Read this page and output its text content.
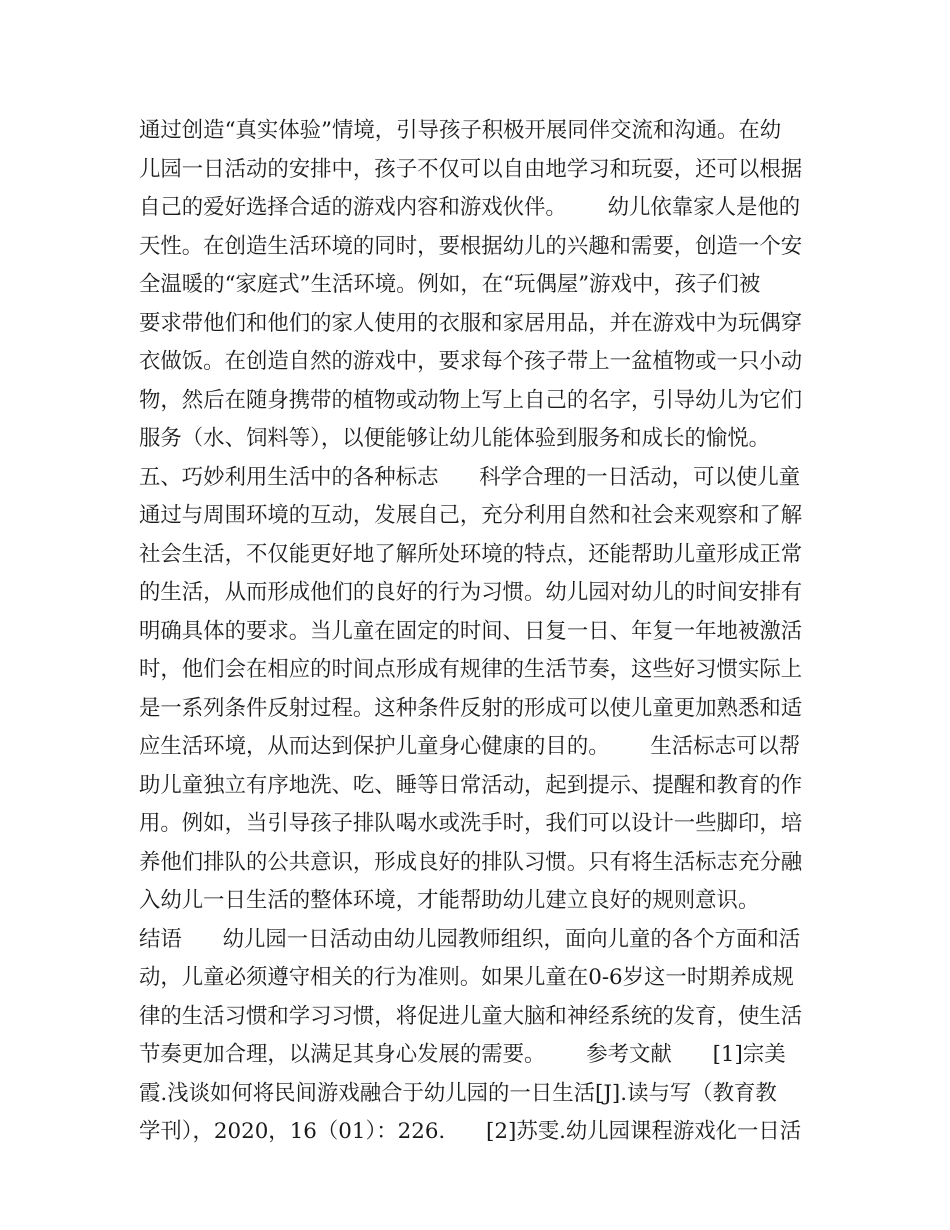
通过创造“真实体验”情境，引导孩子积极开展同伴交流和沟通。在幼
儿园一日活动的安排中，孩子不仅可以自由地学习和玩耍，还可以根据
自己的爱好选择合适的游戏内容和游戏伙伴。      幼儿依靠家人是他的
天性。在创造生活环境的同时，要根据幼儿的兴趣和需要，创造一个安
全温暖的“家庭式”生活环境。例如，在“玩偶屋”游戏中，孩子们被
要求带他们和他们的家人使用的衣服和家居用品，并在游戏中为玩偶穿
衣做饭。在创造自然的游戏中，要求每个孩子带上一盆植物或一只小动
物，然后在随身携带的植物或动物上写上自己的名字，引导幼儿为它们
服务（水、饲料等），以便能够让幼儿能体验到服务和成长的愉悦。
五、巧妙利用生活中的各种标志      科学合理的一日活动，可以使儿童
通过与周围环境的互动，发展自己，充分利用自然和社会来观察和了解
社会生活，不仅能更好地了解所处环境的特点，还能帮助儿童形成正常
的生活，从而形成他们的良好的行为习惯。幼儿园对幼儿的时间安排有
明确具体的要求。当儿童在固定的时间、日复一日、年复一年地被激活
时，他们会在相应的时间点形成有规律的生活节奏，这些好习惯实际上
是一系列条件反射过程。这种条件反射的形成可以使儿童更加熟悉和适
应生活环境，从而达到保护儿童身心健康的目的。      生活标志可以帮
助儿童独立有序地洗、吃、睡等日常活动，起到提示、提醒和教育的作
用。例如，当引导孩子排队喝水或洗手时，我们可以设计一些脚印，培
养他们排队的公共意识，形成良好的排队习惯。只有将生活标志充分融
入幼儿一日生活的整体环境，才能帮助幼儿建立良好的规则意识。
结语      幼儿园一日活动由幼儿园教师组织，面向儿童的各个方面和活
动，儿童必须遵守相关的行为准则。如果儿童在0-6岁这一时期养成规
律的生活习惯和学习习惯，将促进儿童大脑和神经系统的发育，使生活
节奏更加合理，以满足其身心发展的需要。      参考文献      [1]宗美
霞.浅谈如何将民间游戏融合于幼儿园的一日生活[J].读与写（教育教
学刊），2020，16（01）：226.      [2]苏雯.幼儿园课程游戏化一日活
